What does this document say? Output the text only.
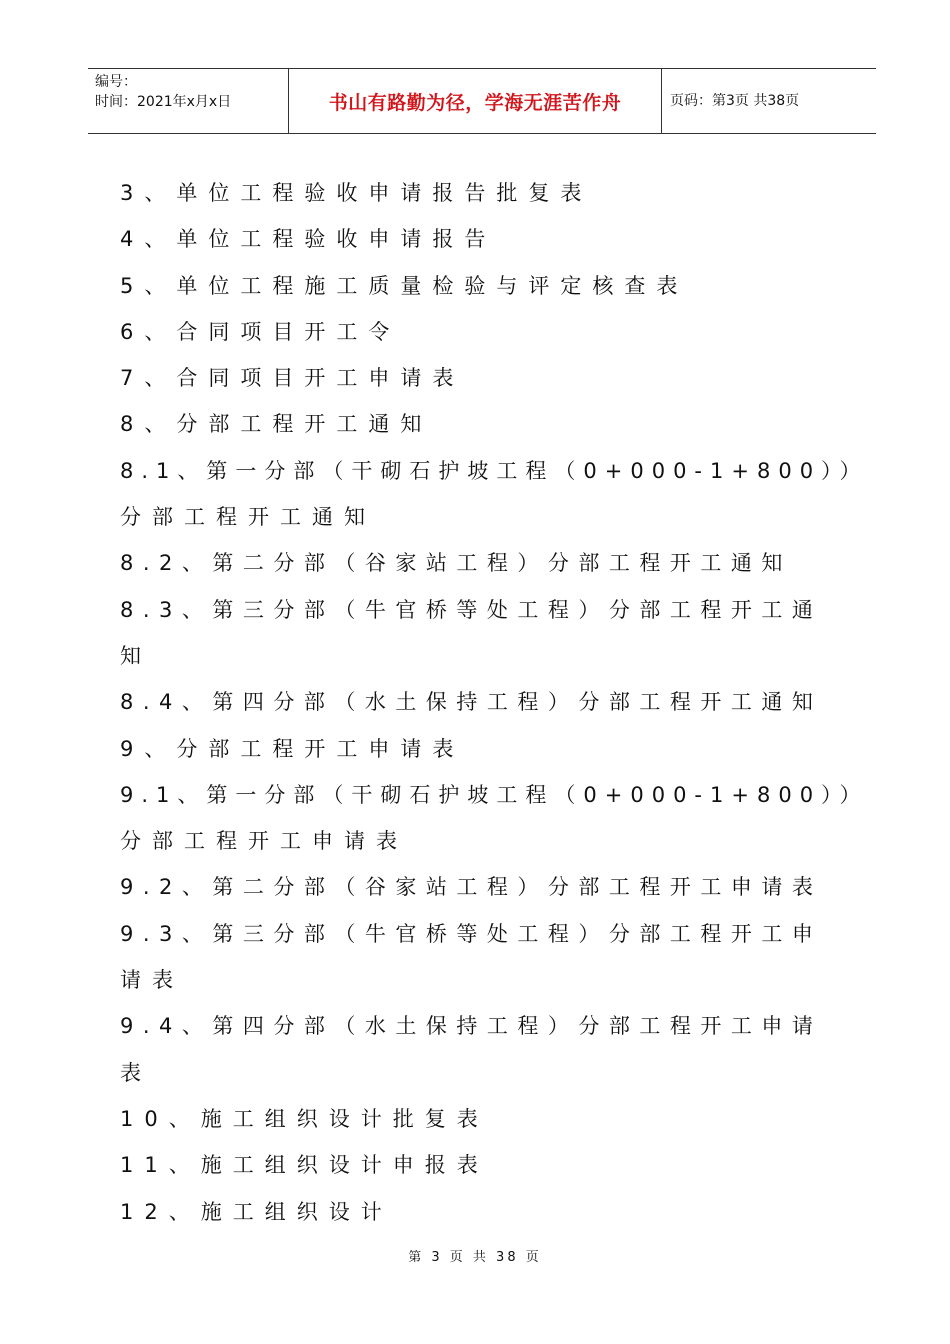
编号：
时间：2021年x月x日	书山有路勤为径，学海无涯苦作舟	页码：第3页 共38页
3、单位工程验收申请报告批复表
4、单位工程验收申请报告
5、单位工程施工质量检验与评定核查表
6、合同项目开工令
7、合同项目开工申请表
8、分部工程开工通知
8.1、第一分部（干砌石护坡工程（0+000-1+800））
分部工程开工通知
8.2、第二分部（谷家站工程）分部工程开工通知
8.3、第三分部（牛官桥等处工程）分部工程开工通
知
8.4、第四分部（水土保持工程）分部工程开工通知
9、分部工程开工申请表
9.1、第一分部（干砌石护坡工程（0+000-1+800））
分部工程开工申请表
9.2、第二分部（谷家站工程）分部工程开工申请表
9.3、第三分部（牛官桥等处工程）分部工程开工申
请表
9.4、第四分部（水土保持工程）分部工程开工申请
表
10、施工组织设计批复表
11、施工组织设计申报表
12、施工组织设计
第 3 页 共 38 页
